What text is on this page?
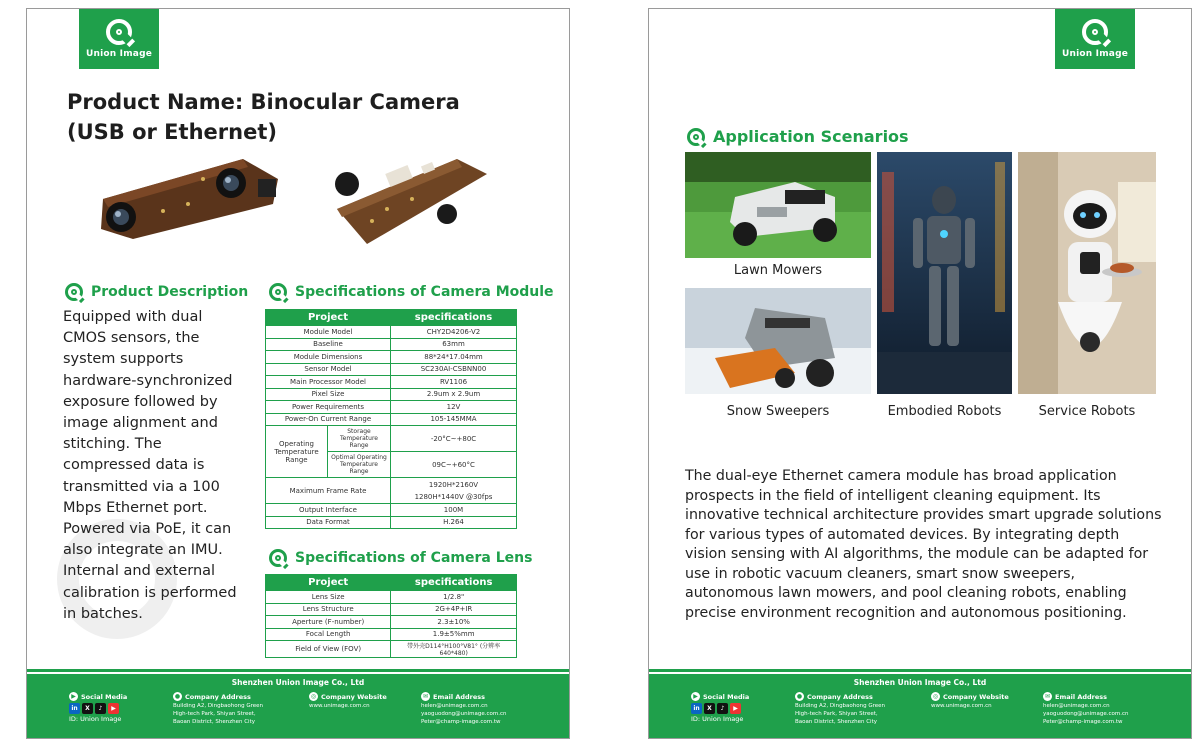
Union Image
Product Name: Binocular Camera (USB or Ethernet)
Product Description
Equipped with dual CMOS sensors, the system supports hardware-synchronized exposure followed by image alignment and stitching. The compressed data is transmitted via a 100 Mbps Ethernet port. Powered via PoE, it can also integrate an IMU. Internal and external calibration is performed in batches.
Specifications of Camera Module
Project		specifications
Module Model		CHY2D4206-V2
Baseline		63mm
Module Dimensions		88*24*17.04mm
Sensor Model		SC230AI-CSBNN00
Main Processor Model		RV1106
Pixel Size		2.9um x 2.9um
Power Requirements		12V
Power-On Current Range		105-145MMA
Operating Temperature Range	Storage Temperature Range	-20°C~+80C
	Optimal Operating Temperature Range	09C~+60°C
Maximum Frame Rate		1920H*2160V
1280H*1440V @30fps

Output Interface		100M
Data Format		H.264
Specifications of Camera Lens
Project	specifications
Lens Size	1/2.8"
Lens Structure	2G+4P+IR
Aperture (F-number)	2.3±10%
Focal Length	1.9±5%mm
Field of View (FOV)	带外壳D114°H100°V81° (分辨率640*480)
Shenzhen Union Image Co., Ltd
▶ Social Media
in	X	♪	▶
ID: Union Image
● Company Address
Building A2, Dingbaohong Green
High-tech Park, Shiyan Street,
Baoan District, Shenzhen City
◎ Company Website
www.unimage.com.cn
✉ Email Address
helen@unimage.com.cn
yaoguodong@unimage.com.cn
Peter@champ-image.com.tw
Union Image
Application Scenarios
Lawn Mowers
Snow Sweepers	Embodied Robots	Service Robots
The dual-eye Ethernet camera module has broad application prospects in the field of intelligent cleaning equipment. Its innovative technical architecture provides smart upgrade solutions for various types of automated devices. By integrating depth vision sensing with AI algorithms, the module can be adapted for use in robotic vacuum cleaners, smart snow sweepers, autonomous lawn mowers, and pool cleaning robots, enabling precise environment recognition and autonomous positioning.
Shenzhen Union Image Co., Ltd
▶ Social Media
in	X	♪	▶
ID: Union Image
● Company Address
Building A2, Dingbaohong Green
High-tech Park, Shiyan Street,
Baoan District, Shenzhen City
◎ Company Website
www.unimage.com.cn
✉ Email Address
helen@unimage.com.cn
yaoguodong@unimage.com.cn
Peter@champ-image.com.tw
